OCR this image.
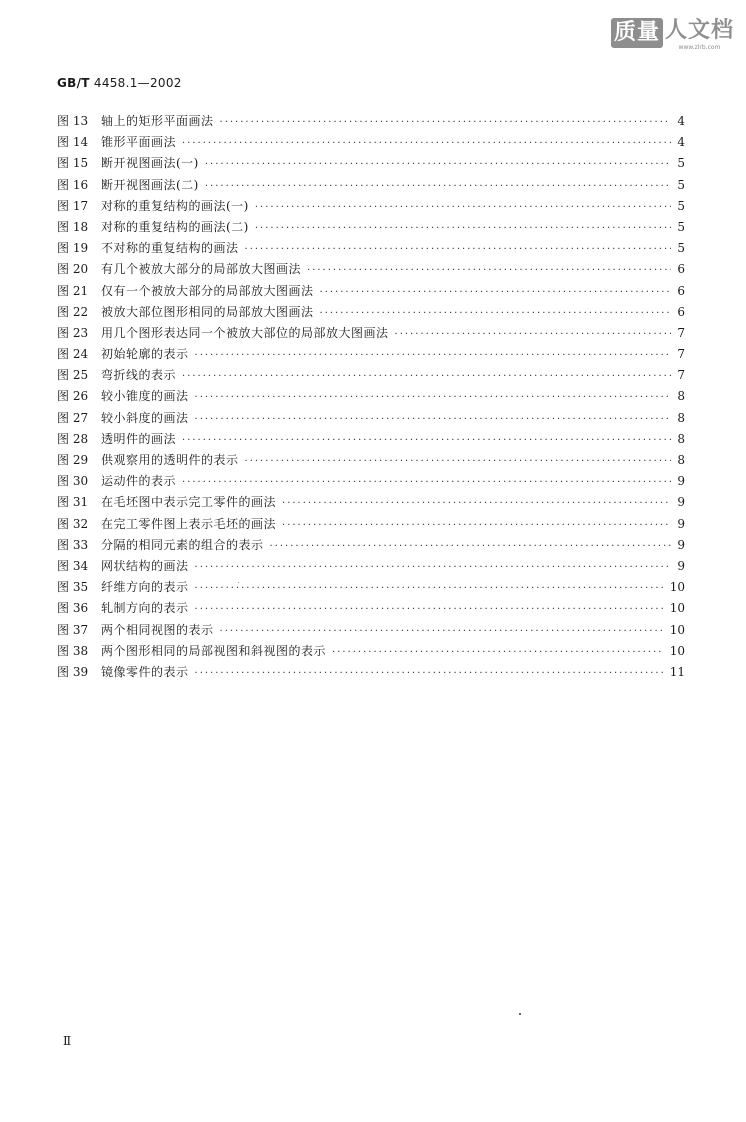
质量 人文档
www.zlrb.com
GB/T 4458.1—2002
图 13	轴上的矩形平面画法 ·····	4
图 14	锥形平面画法 ·····	4
图 15	断开视图画法(一) ·····	5
图 16	断开视图画法(二) ·····	5
图 17	对称的重复结构的画法(一) ·····	5
图 18	对称的重复结构的画法(二) ·····	5
图 19	不对称的重复结构的画法 ·····	5
图 20	有几个被放大部分的局部放大图画法 ·····	6
图 21	仅有一个被放大部分的局部放大图画法 ·····	6
图 22	被放大部位图形相同的局部放大图画法 ·····	6
图 23	用几个图形表达同一个被放大部位的局部放大图画法 ·····	7
图 24	初始轮廓的表示 ·····	7
图 25	弯折线的表示 ·····	7
图 26	较小锥度的画法 ·····	8
图 27	较小斜度的画法 ·····	8
图 28	透明件的画法 ·····	8
图 29	供观察用的透明件的表示 ·····	8
图 30	运动件的表示 ·····	9
图 31	在毛坯图中表示完工零件的画法 ·····	9
图 32	在完工零件图上表示毛坯的画法 ·····	9
图 33	分隔的相同元素的组合的表示 ·····	9
图 34	网状结构的画法 ·····	9
图 35	纤维方向的表示 ·····	10
图 36	轧制方向的表示 ·····	10
图 37	两个相同视图的表示 ·····	10
图 38	两个图形相同的局部视图和斜视图的表示 ·····	10
图 39	镜像零件的表示 ·····	11
Ⅱ
